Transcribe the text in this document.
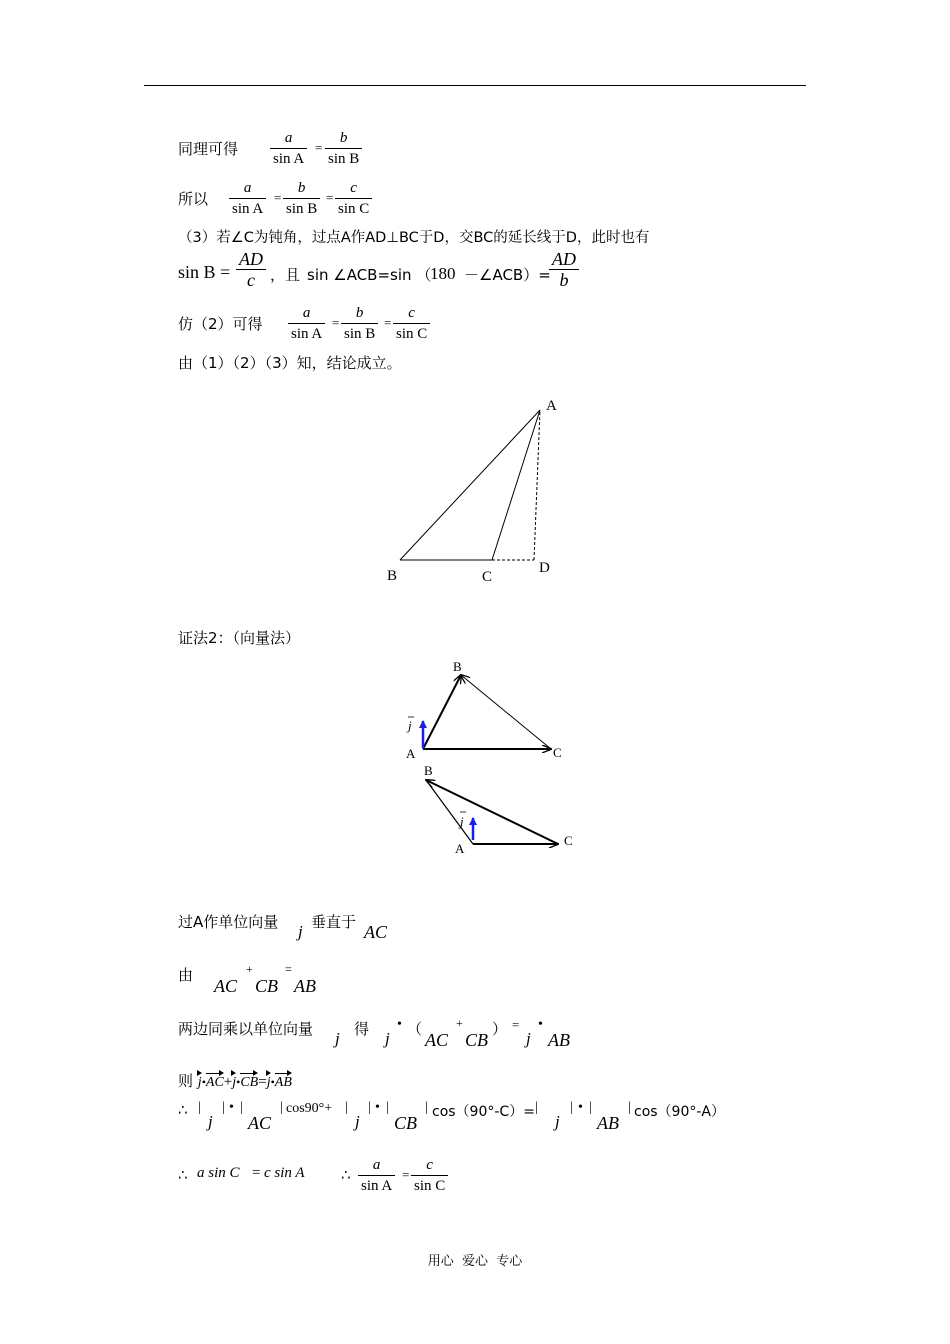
同理可得 $\frac{a}{\text{sin A}} = \frac{b}{\text{sin B}}$
所以 $\frac{a}{\text{sin A}} = \frac{b}{\text{sin B}} = \frac{c}{\text{sin C}}$
（3）若∠C为钝角，过点A作AD⊥BC于D，交BC的延长线于D，此时也有
$\sin B = \frac{AD}{c}$ ，且 sin ∠ACB=sin （
180 －∠ACB）=
$\frac{AD}{b}$
仿（2）可得 $\frac{a}{\text{sin A}} = \frac{b}{\text{sin B}} = \frac{c}{\text{sin C}}$
由（1）（2）（3）知，结论成立。
A
B	C
D
证法2：（向量法）
A
B
C
j
A
B
C
j
过A作单位向量 j 垂直于 AC
由
AC
+
CB
=
AB
两边同乘以单位向量 j 得 j
• （
AC
+
CB
） =
j
•
AB
则 j•AC+j•CB=j•AB
∴ |
j
| • |
AC
| cos90°+ |
j
| • |
CB
| cos（90°-C）= |
j
| • |
AB
| cos（90°-A）
∴ a sin C = c sin A ∴ $\frac{a}{\text{sin A}} = \frac{c}{\text{sin C}}$
用心  爱心  专心
